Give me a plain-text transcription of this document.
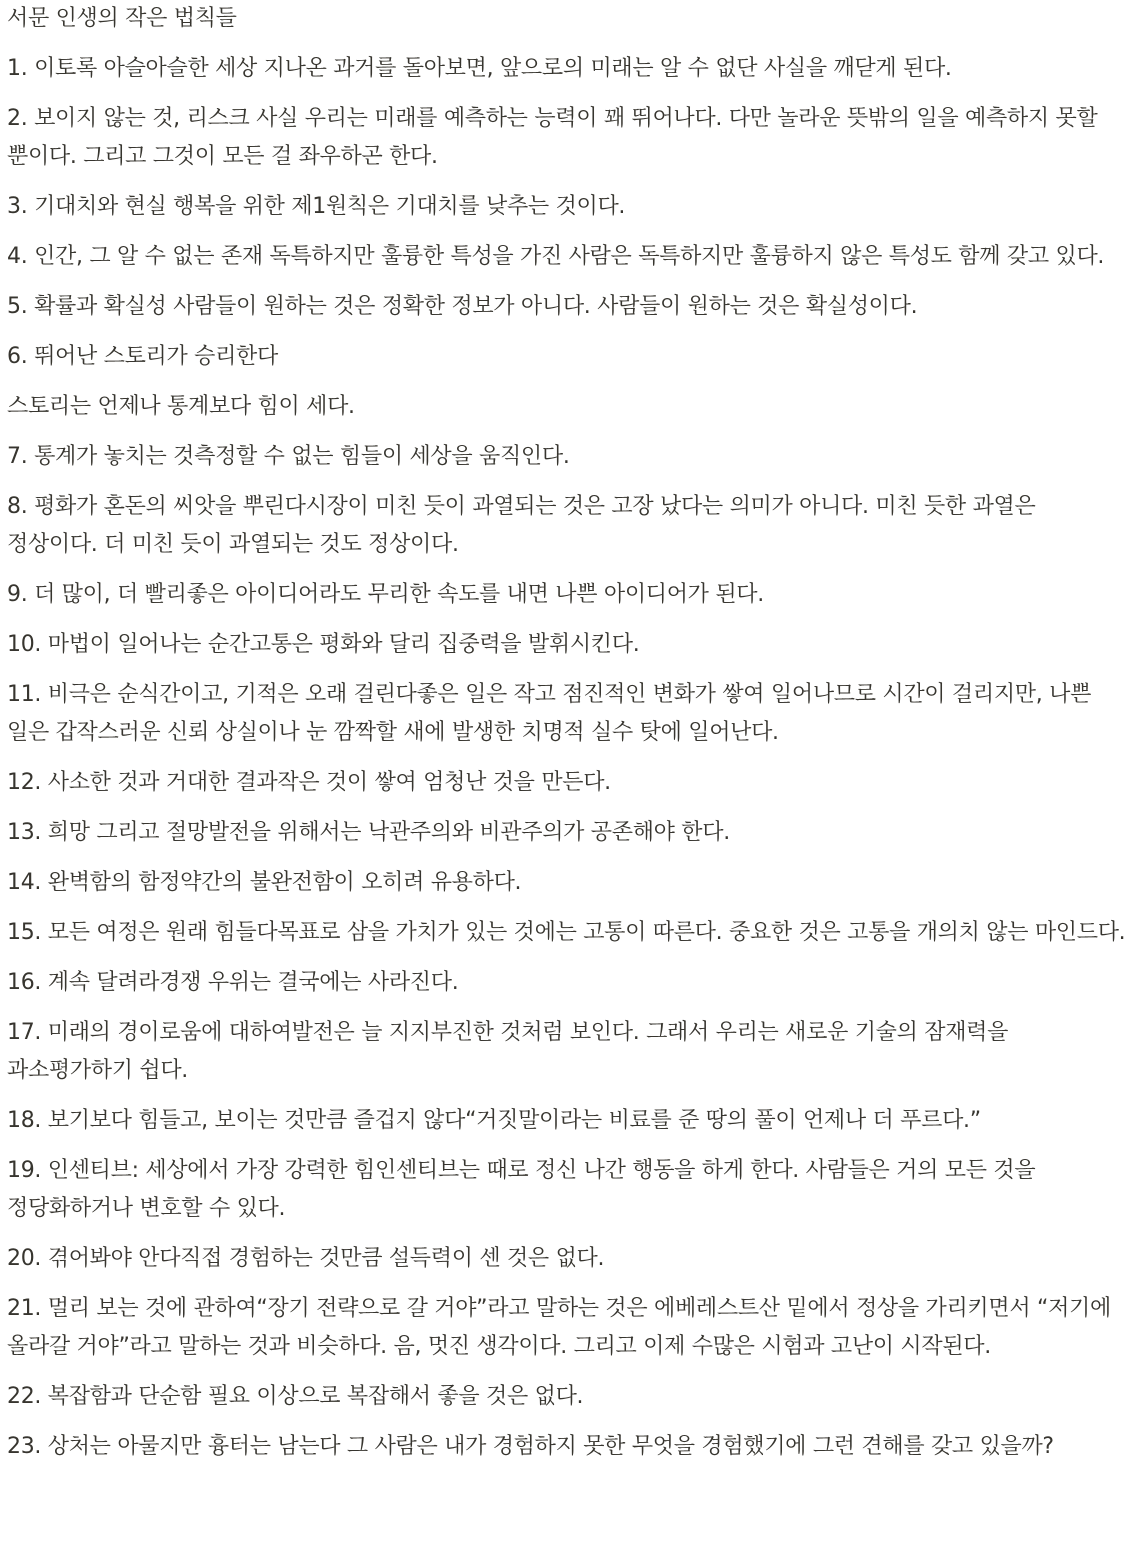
서문 인생의 작은 법칙들

1. 이토록 아슬아슬한 세상 지나온 과거를 돌아보면, 앞으로의 미래는 알 수 없단 사실을 깨닫게 된다.

2. 보이지 않는 것, 리스크 사실 우리는 미래를 예측하는 능력이 꽤 뛰어나다. 다만 놀라운 뜻밖의 일을 예측하지 못할 뿐이다. 그리고 그것이 모든 걸 좌우하곤 한다.

3. 기대치와 현실 행복을 위한 제1원칙은 기대치를 낮추는 것이다.

4. 인간, 그 알 수 없는 존재 독특하지만 훌륭한 특성을 가진 사람은 독특하지만 훌륭하지 않은 특성도 함께 갖고 있다.

5. 확률과 확실성 사람들이 원하는 것은 정확한 정보가 아니다. 사람들이 원하는 것은 확실성이다.

6. 뛰어난 스토리가 승리한다

스토리는 언제나 통계보다 힘이 세다.

7. 통계가 놓치는 것측정할 수 없는 힘들이 세상을 움직인다.

8. 평화가 혼돈의 씨앗을 뿌린다시장이 미친 듯이 과열되는 것은 고장 났다는 의미가 아니다. 미친 듯한 과열은 정상이다. 더 미친 듯이 과열되는 것도 정상이다.

9. 더 많이, 더 빨리좋은 아이디어라도 무리한 속도를 내면 나쁜 아이디어가 된다.

10. 마법이 일어나는 순간고통은 평화와 달리 집중력을 발휘시킨다.

11. 비극은 순식간이고, 기적은 오래 걸린다좋은 일은 작고 점진적인 변화가 쌓여 일어나므로 시간이 걸리지만, 나쁜 일은 갑작스러운 신뢰 상실이나 눈 깜짝할 새에 발생한 치명적 실수 탓에 일어난다.

12. 사소한 것과 거대한 결과작은 것이 쌓여 엄청난 것을 만든다.

13. 희망 그리고 절망발전을 위해서는 낙관주의와 비관주의가 공존해야 한다.

14. 완벽함의 함정약간의 불완전함이 오히려 유용하다.

15. 모든 여정은 원래 힘들다목표로 삼을 가치가 있는 것에는 고통이 따른다. 중요한 것은 고통을 개의치 않는 마인드다.

16. 계속 달려라경쟁 우위는 결국에는 사라진다.

17. 미래의 경이로움에 대하여발전은 늘 지지부진한 것처럼 보인다. 그래서 우리는 새로운 기술의 잠재력을 과소평가하기 쉽다.

18. 보기보다 힘들고, 보이는 것만큼 즐겁지 않다“거짓말이라는 비료를 준 땅의 풀이 언제나 더 푸르다.”

19. 인센티브: 세상에서 가장 강력한 힘인센티브는 때로 정신 나간 행동을 하게 한다. 사람들은 거의 모든 것을 정당화하거나 변호할 수 있다.

20. 겪어봐야 안다직접 경험하는 것만큼 설득력이 센 것은 없다.

21. 멀리 보는 것에 관하여“장기 전략으로 갈 거야”라고 말하는 것은 에베레스트산 밑에서 정상을 가리키면서 “저기에 올라갈 거야”라고 말하는 것과 비슷하다. 음, 멋진 생각이다. 그리고 이제 수많은 시험과 고난이 시작된다.

22. 복잡함과 단순함 필요 이상으로 복잡해서 좋을 것은 없다.

23. 상처는 아물지만 흉터는 남는다 그 사람은 내가 경험하지 못한 무엇을 경험했기에 그런 견해를 갖고 있을까?
